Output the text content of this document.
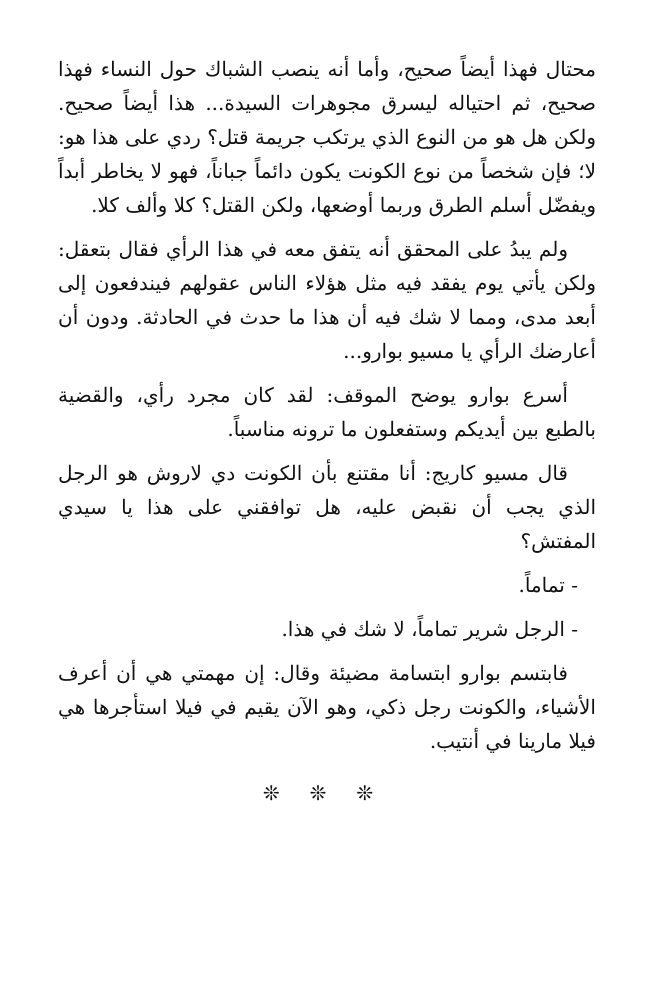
محتال فهذا أيضاً صحيح، وأما أنه ينصب الشباك حول النساء فهذا صحيح، ثم احتياله ليسرق مجوهرات السيدة... هذا أيضاً صحيح. ولكن هل هو من النوع الذي يرتكب جريمة قتل؟ ردي على هذا هو: لا؛ فإن شخصاً من نوع الكونت يكون دائماً جباناً، فهو لا يخاطر أبداً ويفضّل أسلم الطرق وربما أوضعها، ولكن القتل؟ كلا وألف كلا.

ولم يبدُ على المحقق أنه يتفق معه في هذا الرأي فقال بتعقل: ولكن يأتي يوم يفقد فيه مثل هؤلاء الناس عقولهم فيندفعون إلى أبعد مدى، ومما لا شك فيه أن هذا ما حدث في الحادثة. ودون أن أعارضك الرأي يا مسيو بوارو...

أسرع بوارو يوضح الموقف: لقد كان مجرد رأي، والقضية بالطبع بين أيديكم وستفعلون ما ترونه مناسباً.

قال مسيو كاريج: أنا مقتنع بأن الكونت دي لاروش هو الرجل الذي يجب أن نقبض عليه، هل توافقني على هذا يا سيدي المفتش؟

- تماماً.

- الرجل شرير تماماً، لا شك في هذا.

فابتسم بوارو ابتسامة مضيئة وقال: إن مهمتي هي أن أعرف الأشياء، والكونت رجل ذكي، وهو الآن يقيم في فيلا استأجرها هي فيلا مارينا في أنتيب.

❊ ❊ ❊
